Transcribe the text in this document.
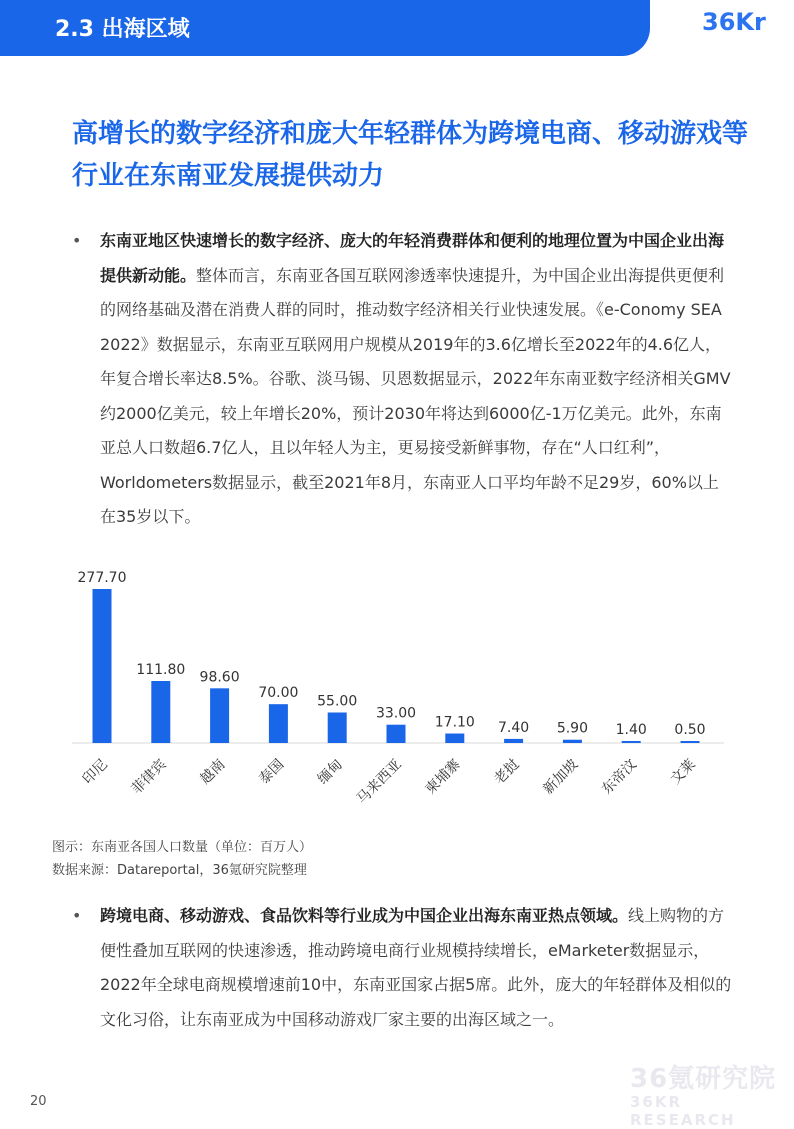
2.3 出海区域	36Kr
高增长的数字经济和庞大年轻群体为跨境电商、移动游戏等行业在东南亚发展提供动力
• 东南亚地区快速增长的数字经济、庞大的年轻消费群体和便利的地理位置为中国企业出海提供新动能。整体而言，东南亚各国互联网渗透率快速提升，为中国企业出海提供更便利的网络基础及潜在消费人群的同时，推动数字经济相关行业快速发展。《e-Conomy SEA 2022》数据显示，东南亚互联网用户规模从2019年的3.6亿增长至2022年的4.6亿人，年复合增长率达8.5%。谷歌、淡马锡、贝恩数据显示，2022年东南亚数字经济相关GMV约2000亿美元，较上年增长20%，预计2030年将达到6000亿-1万亿美元。此外，东南亚总人口数超6.7亿人，且以年轻人为主，更易接受新鲜事物，存在“人口红利”，Worldometers数据显示，截至2021年8月，东南亚人口平均年龄不足29岁，60%以上在35岁以下。
277.70
印尼
111.80
菲律宾
98.60
越南
70.00
泰国
55.00
缅甸
33.00
马来西亚
17.10
柬埔寨
7.40
老挝
5.90
新加坡
1.40
东帝汶
0.50
文莱
图示：东南亚各国人口数量（单位：百万人）
数据来源：Datareportal，36氪研究院整理
• 跨境电商、移动游戏、食品饮料等行业成为中国企业出海东南亚热点领域。线上购物的方便性叠加互联网的快速渗透，推动跨境电商行业规模持续增长，eMarketer数据显示，2022年全球电商规模增速前10中，东南亚国家占据5席。此外，庞大的年轻群体及相似的文化习俗，让东南亚成为中国移动游戏厂家主要的出海区域之一。
36氪研究院
36KR RESEARCH
20
